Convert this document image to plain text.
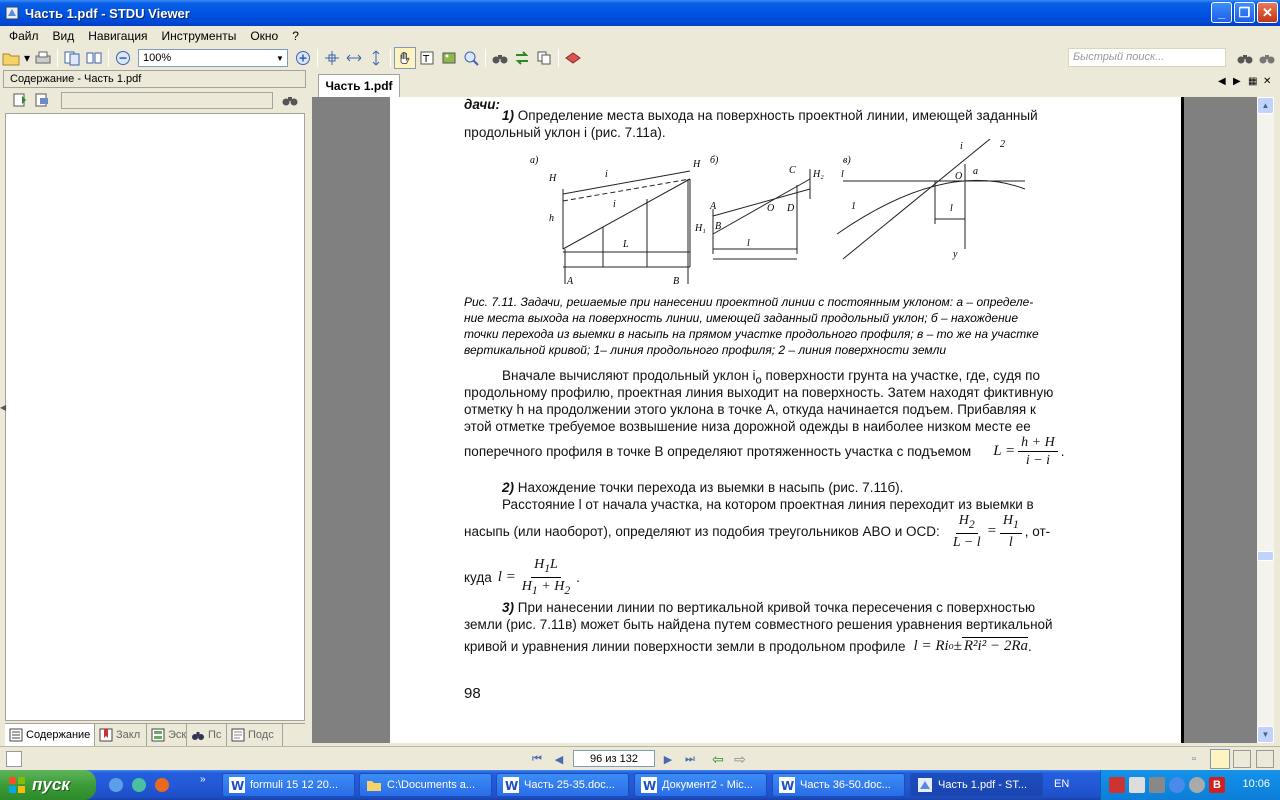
Часть 1.pdf - STDU Viewer	_	❐ ✕
Файл	Вид	Навигация	Инструменты	Окно	?
▾	100%	▼	T	Быстрый поиск...
Содержание - Часть 1.pdf
Содержание Закл	Эск Пс Подс
◀
Часть 1.pdf	◀ ▶ ▦ ✕
дачи:
1) Определение места выхода на поверхность проектной линии, имеющей заданный
продольный уклон i (рис. 7.11а).
а)
H
h
i
i
L
A	B
H б)
A
B
C
D
O
H₁
H₂
l
в)
l
1
2
i
O a
l
y
Рис. 7.11. Задачи, решаемые при нанесении проектной линии с постоянным уклоном: а – определе-
ние места выхода на поверхность линии, имеющей заданный продольный уклон; б – нахождение
точки перехода из выемки в насыпь на прямом участке продольного профиля; в – то же на участке
вертикальной кривой; 1– линия продольного профиля; 2 – линия поверхности земли
Вначале вычисляют продольный уклон $i_o$ поверхности грунта на участке, где, судя по
продольному профилю, проектная линия выходит на поверхность. Затем находят фиктивную
отметку h на продолжении этого уклона в точке A, откуда начинается подъем. Прибавляя к
этой отметке требуемое возвышение низа дорожной одежды в наиболее низком месте ее
поперечного профиля в точке B определяют протяженность участка с подъемом $L = \frac{h + H}{i - i}$ .
2) Нахождение точки перехода из выемки в насыпь (рис. 7.11б).
Расстояние l от начала участка, на котором проектная линия переходит из выемки в
насыпь (или наоборот), определяют из подобия треугольников ABO и OCD: $\frac{H_2}{L - l} = \frac{H_1}{l}$ , от-
куда $l = \frac{H_1L}{H_1 + H_2}$ .
3) При нанесении линии по вертикальной кривой точка пересечения с поверхностью
земли (рис. 7.11в) может быть найдена путем совместного решения уравнения вертикальной
кривой и уравнения линии поверхности земли в продольном профиле l = Ri o ± R²i² − 2Ra .
98
▲
▼
⏮	◀	96 из 132	▶	⏭ ⇦ ⇨	▫
пуск	» W formuli 15 12 20...	C:\Documents a... W Часть 25-35.doc... W Документ2 - Mic... W Часть 36-50.doc...	Часть 1.pdf - ST... EN	B	10:06
